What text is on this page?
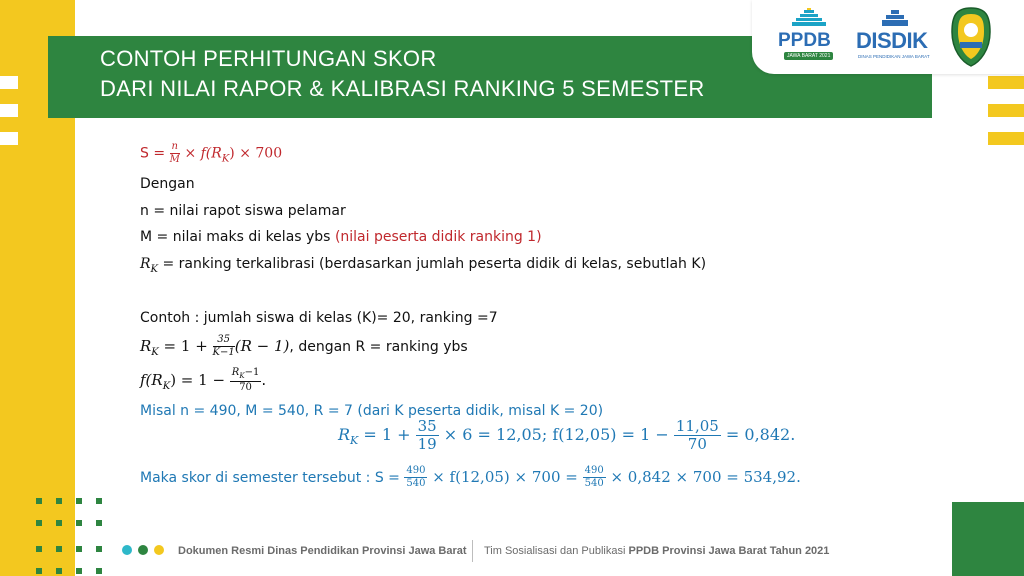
CONTOH PERHITUNGAN SKOR
DARI NILAI RAPOR & KALIBRASI RANKING 5 SEMESTER
PPDB
JAWA BARAT 2021
DISDIK
DINAS PENDIDIKAN JAWA BARAT
$S = \frac{n}{M} \times f(R_K) \times 700$
Dengan
n = nilai rapot siswa pelamar
M = nilai maks di kelas ybs (nilai peserta didik ranking 1)
$R_K$ = ranking terkalibrasi (berdasarkan jumlah peserta didik di kelas, sebutlah K)
Contoh : jumlah siswa di kelas (K)= 20, ranking =7
$R_K = 1 + \frac{35}{K-1} (R - 1)$, dengan R = ranking ybs
$f(R_K) = 1 - \frac{R_K-1}{70}$ .
Misal n = 490, M = 540, R = 7 (dari K peserta didik, misal K = 20)
$R_K = 1 + \frac{35}{19} \times 6 = 12,05$; $f(12,05) = 1 - \frac{11,05}{70} = 0,842$.
Maka skor di semester tersebut : $S = \frac{490}{540} \times f(12,05) \times 700 = \frac{490}{540} \times 0,842 \times 700 = 534,92$.
Dokumen Resmi Dinas Pendidikan Provinsi Jawa Barat Tim Sosialisasi dan Publikasi PPDB Provinsi Jawa Barat Tahun 2021
